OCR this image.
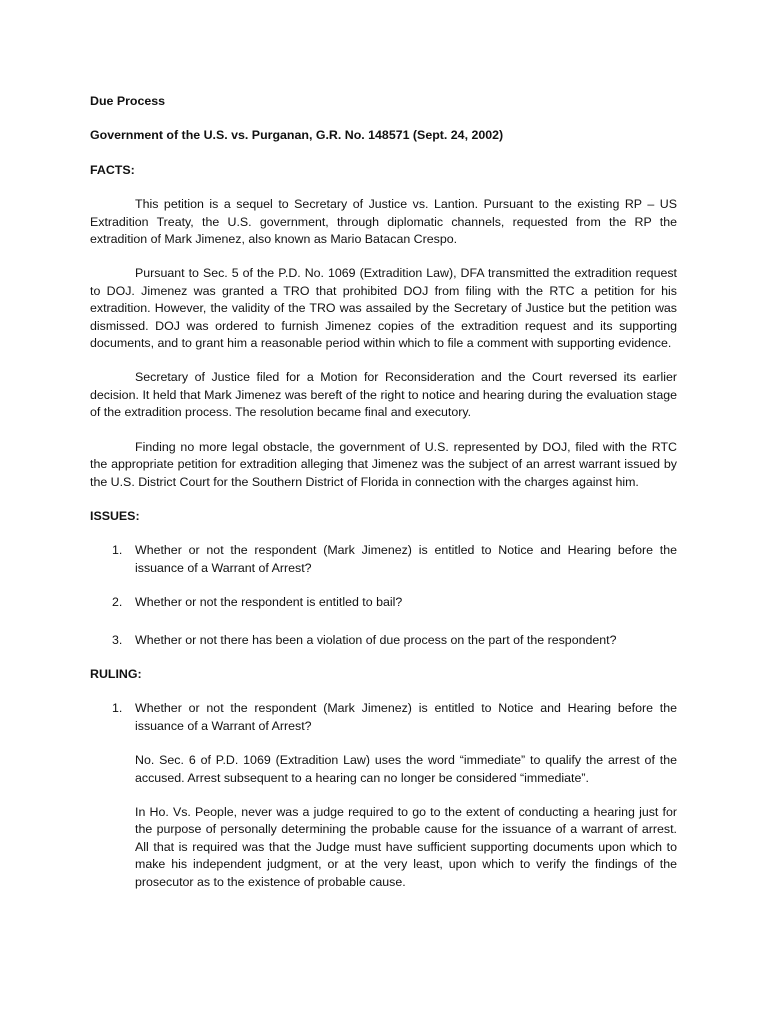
Due Process

Government of the U.S. vs. Purganan, G.R. No. 148571 (Sept. 24, 2002)

FACTS:

This petition is a sequel to Secretary of Justice vs. Lantion. Pursuant to the existing RP – US Extradition Treaty, the U.S. government, through diplomatic channels, requested from the RP the extradition of Mark Jimenez, also known as Mario Batacan Crespo.

Pursuant to Sec. 5 of the P.D. No. 1069 (Extradition Law), DFA transmitted the extradition request to DOJ. Jimenez was granted a TRO that prohibited DOJ from filing with the RTC a petition for his extradition. However, the validity of the TRO was assailed by the Secretary of Justice but the petition was dismissed. DOJ was ordered to furnish Jimenez copies of the extradition request and its supporting documents, and to grant him a reasonable period within which to file a comment with supporting evidence.

Secretary of Justice filed for a Motion for Reconsideration and the Court reversed its earlier decision. It held that Mark Jimenez was bereft of the right to notice and hearing during the evaluation stage of the extradition process. The resolution became final and executory.

Finding no more legal obstacle, the government of U.S. represented by DOJ, filed with the RTC the appropriate petition for extradition alleging that Jimenez was the subject of an arrest warrant issued by the U.S. District Court for the Southern District of Florida in connection with the charges against him.

ISSUES:

1. Whether or not the respondent (Mark Jimenez) is entitled to Notice and Hearing before the issuance of a Warrant of Arrest?
2. Whether or not the respondent is entitled to bail?
3. Whether or not there has been a violation of due process on the part of the respondent?

RULING:

1. Whether or not the respondent (Mark Jimenez) is entitled to Notice and Hearing before the issuance of a Warrant of Arrest?

No. Sec. 6 of P.D. 1069 (Extradition Law) uses the word “immediate” to qualify the arrest of the accused. Arrest subsequent to a hearing can no longer be considered “immediate”.

In Ho. Vs. People, never was a judge required to go to the extent of conducting a hearing just for the purpose of personally determining the probable cause for the issuance of a warrant of arrest. All that is required was that the Judge must have sufficient supporting documents upon which to make his independent judgment, or at the very least, upon which to verify the findings of the prosecutor as to the existence of probable cause.
